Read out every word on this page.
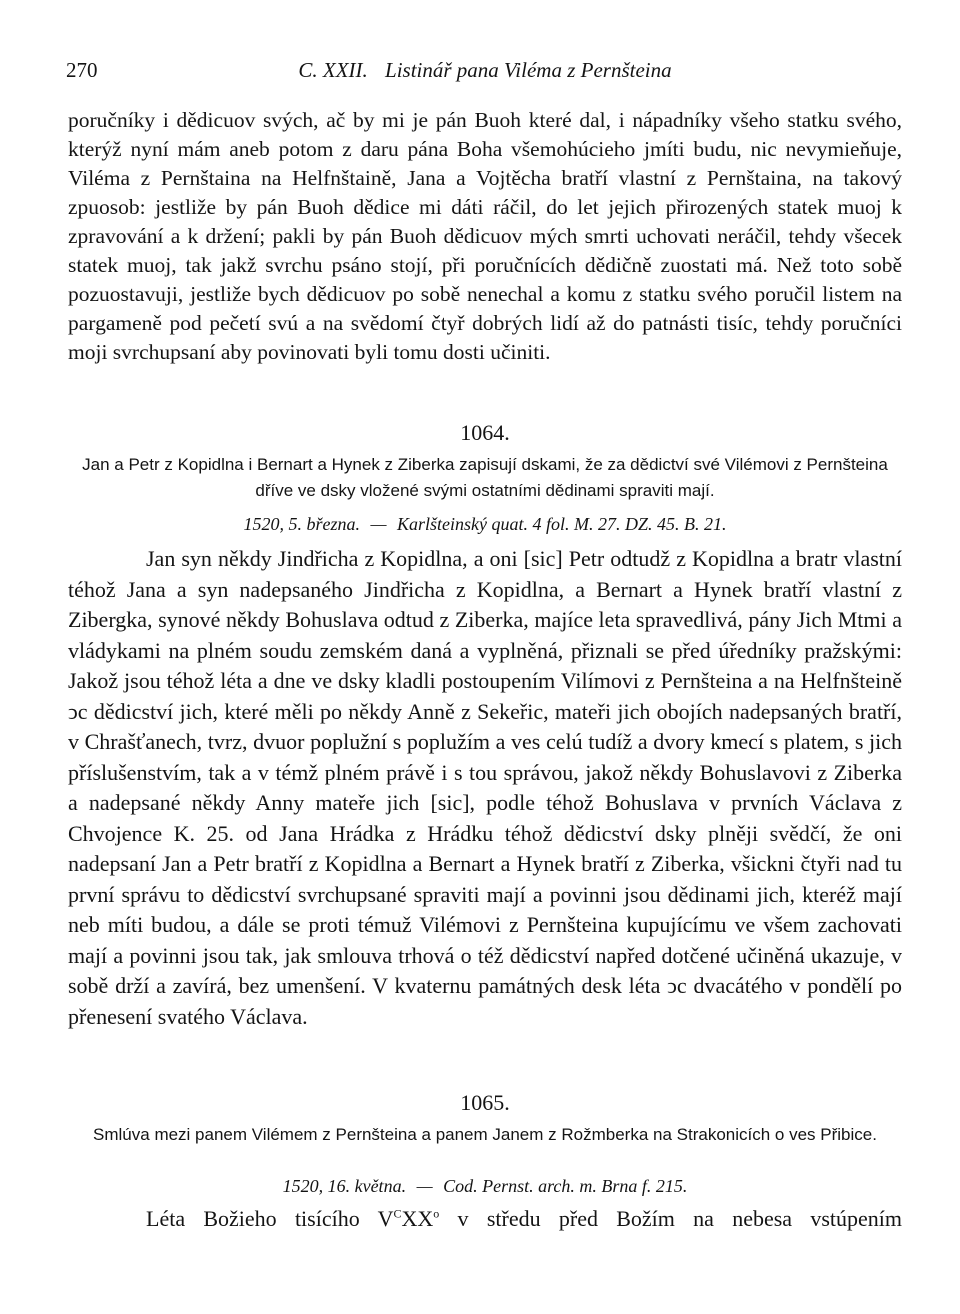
270	C. XXII. Listinář pana Viléma z Pernšteina

poručníky i dědicuov svých, ač by mi je pán Buoh které dal, i nápadníky všeho statku svého, kterýž nyní mám aneb potom z daru pána Boha všemohúcieho jmíti budu, nic nevymieňuje, Viléma z Pernštaina na Helfnštaině, Jana a Vojtěcha bratří vlastní z Pernštaina, na takový zpuosob: jestliže by pán Buoh dědice mi dáti ráčil, do let jejich přirozených statek muoj k zpravování a k držení; pakli by pán Buoh dědicuov mých smrti uchovati neráčil, tehdy všecek statek muoj, tak jakž svrchu psáno stojí, při poručnících dědičně zuostati má. Než toto sobě pozuostavuji, jestliže bych dědicuov po sobě nenechal a komu z statku svého poručil listem na pargameně pod pečetí svú a na svědomí čtyř dobrých lidí až do patnásti tisíc, tehdy poručníci moji svrchupsaní aby povinovati byli tomu dosti učiniti.

1064.

Jan a Petr z Kopidlna i Bernart a Hynek z Ziberka zapisují dskami, že za dědictví své Vilémovi z Pernšteina dříve ve dsky vložené svými ostatními dědinami spraviti mají.

1520, 5. března. — Karlšteinský quat. 4 fol. M. 27. DZ. 45. B. 21.

Jan syn někdy Jindřicha z Kopidlna, a oni [sic] Petr odtudž z Kopidlna a bratr vlastní téhož Jana a syn nadepsaného Jindřicha z Kopidlna, a Bernart a Hynek bratří vlastní z Zibergka, synové někdy Bohuslava odtud z Ziberka, majíce leta spravedlivá, pány Jich Mtmi a vládykami na plném soudu zemském daná a vyplněná, přiznali se před úředníky pražskými: Jakož jsou téhož léta a dne ve dsky kladli postoupením Vilímovi z Pernšteina a na Helfnšteině ↄc dědicství jich, které měli po někdy Anně z Sekeřic, mateři jich obojích nadepsaných bratří, v Chrašťanech, tvrz, dvuor poplužní s poplužím a ves celú tudíž a dvory kmecí s platem, s jich příslušenstvím, tak a v témž plném právě i s tou správou, jakož někdy Bohuslavovi z Ziberka a nadepsané někdy Anny mateře jich [sic], podle téhož Bohuslava v prvních Václava z Chvojence K. 25. od Jana Hrádka z Hrádku téhož dědicství dsky plněji svědčí, že oni nadepsaní Jan a Petr bratří z Kopidlna a Bernart a Hynek bratří z Ziberka, všickni čtyři nad tu první správu to dědicství svrchupsané spraviti mají a povinni jsou dědinami jich, kteréž mají neb míti budou, a dále se proti témuž Vilémovi z Pernšteina kupujícímu ve všem zachovati mají a povinni jsou tak, jak smlouva trhová o též dědicství napřed dotčené učiněná ukazuje, v sobě drží a zavírá, bez umenšení. V kvaternu památných desk léta ↄc dvacátého v pondělí po přenesení svatého Václava.

1065.

Smlúva mezi panem Vilémem z Pernšteina a panem Janem z Rožmberka na Strakonicích o ves Přibice.

1520, 16. května. — Cod. Pernst. arch. m. Brna f. 215.

Léta Božieho tisícího $V^CXX^o$ v středu před Božím na nebesa vstúpením
